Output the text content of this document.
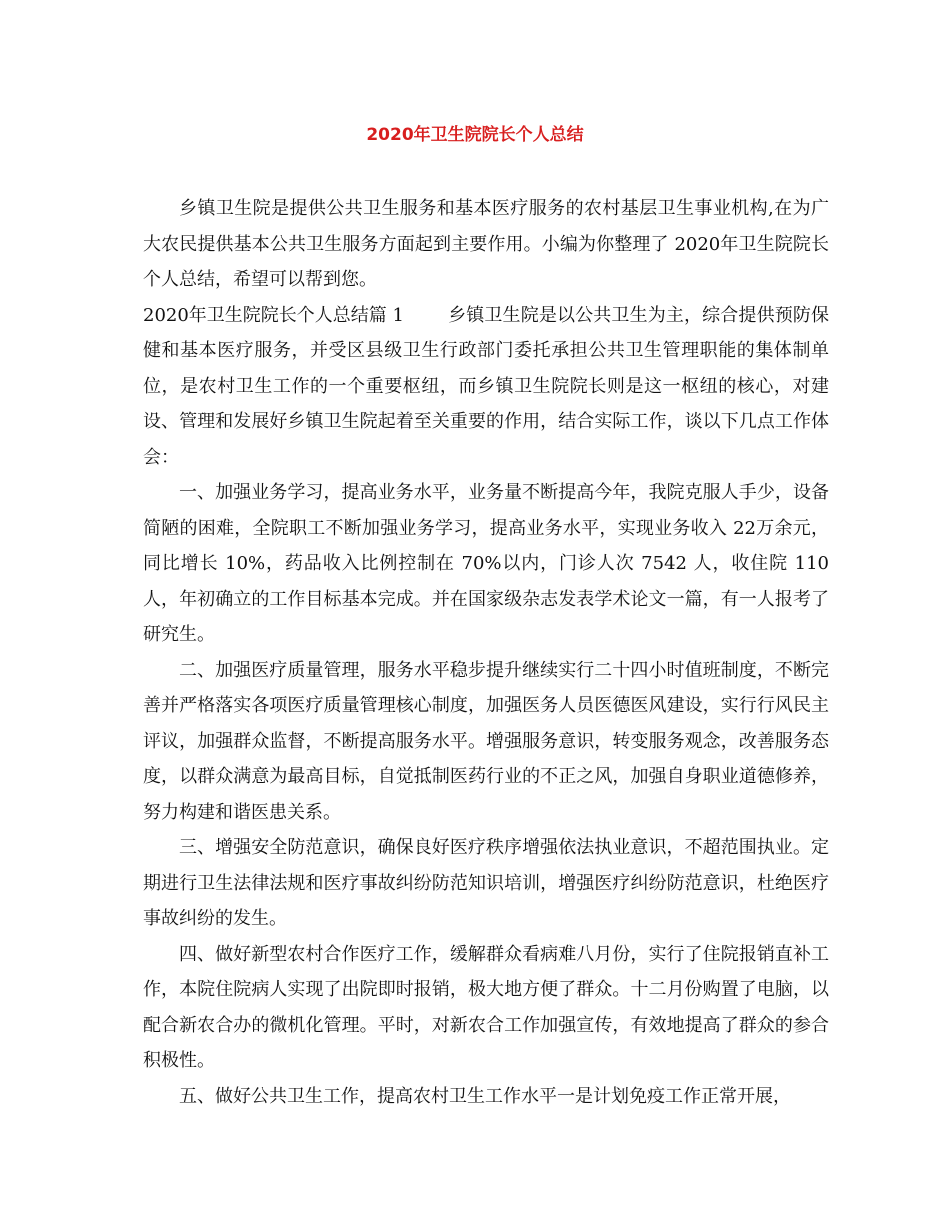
2020年卫生院院长个人总结

乡镇卫生院是提供公共卫生服务和基本医疗服务的农村基层卫生事业机构,在为广大农民提供基本公共卫生服务方面起到主要作用。小编为你整理了 2020年卫生院院长个人总结，希望可以帮到您。

2020年卫生院院长个人总结篇 1 乡镇卫生院是以公共卫生为主，综合提供预防保健和基本医疗服务，并受区县级卫生行政部门委托承担公共卫生管理职能的集体制单位，是农村卫生工作的一个重要枢纽，而乡镇卫生院院长则是这一枢纽的核心，对建设、管理和发展好乡镇卫生院起着至关重要的作用，结合实际工作，谈以下几点工作体会：

一、加强业务学习，提高业务水平，业务量不断提高今年，我院克服人手少，设备简陋的困难，全院职工不断加强业务学习，提高业务水平，实现业务收入 22万余元，同比增长 10%，药品收入比例控制在 70%以内，门诊人次 7542 人，收住院 110 人，年初确立的工作目标基本完成。并在国家级杂志发表学术论文一篇，有一人报考了研究生。

二、加强医疗质量管理，服务水平稳步提升继续实行二十四小时值班制度，不断完善并严格落实各项医疗质量管理核心制度，加强医务人员医德医风建设，实行行风民主评议，加强群众监督，不断提高服务水平。增强服务意识，转变服务观念，改善服务态度，以群众满意为最高目标，自觉抵制医药行业的不正之风，加强自身职业道德修养，努力构建和谐医患关系。

三、增强安全防范意识，确保良好医疗秩序增强依法执业意识，不超范围执业。定期进行卫生法律法规和医疗事故纠纷防范知识培训，增强医疗纠纷防范意识，杜绝医疗事故纠纷的发生。

四、做好新型农村合作医疗工作，缓解群众看病难八月份，实行了住院报销直补工作，本院住院病人实现了出院即时报销，极大地方便了群众。十二月份购置了电脑，以配合新农合办的微机化管理。平时，对新农合工作加强宣传，有效地提高了群众的参合积极性。

五、做好公共卫生工作，提高农村卫生工作水平一是计划免疫工作正常开展，
